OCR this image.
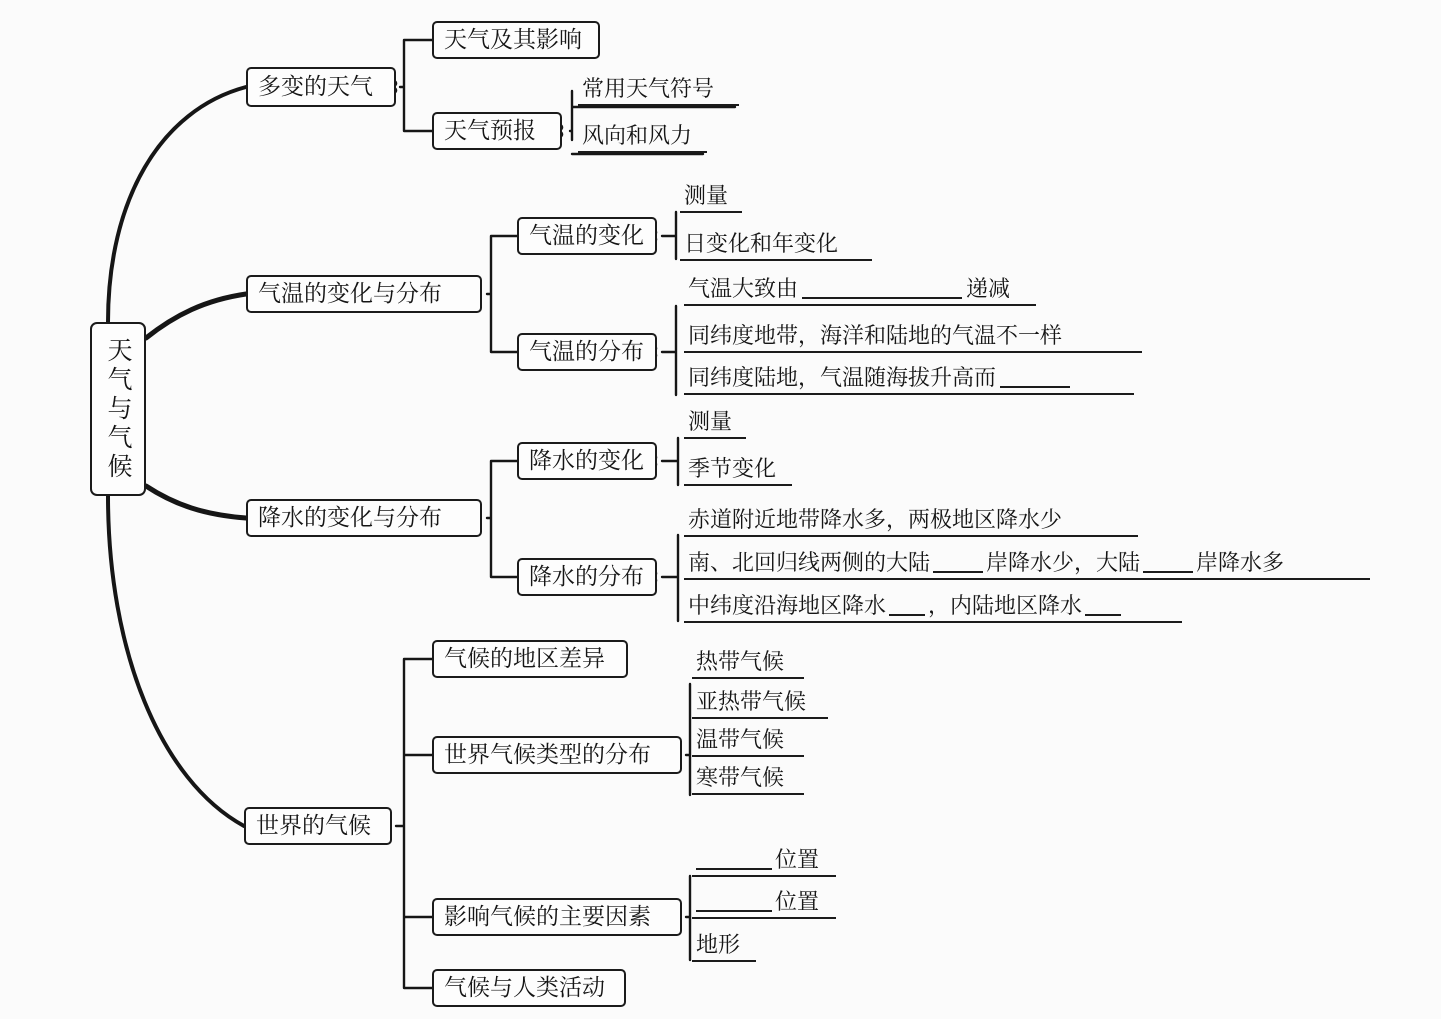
天气与气候
多变的天气
天气及其影响
天气预报
常用天气符号
风向和风力
气温的变化与分布
气温的变化
气温的分布
测量
日变化和年变化
气温大致由	递减
同纬度地带，海洋和陆地的气温不一样
同纬度陆地，气温随海拔升高而
降水的变化与分布
降水的变化
降水的分布
测量
季节变化
赤道附近地带降水多，两极地区降水少
南、北回归线两侧的大陆	岸降水少，大陆	岸降水多
中纬度沿海地区降水 ，内陆地区降水
世界的气候
气候的地区差异
世界气候类型的分布
影响气候的主要因素
气候与人类活动
热带气候
亚热带气候
温带气候
寒带气候
位置
位置
地形
